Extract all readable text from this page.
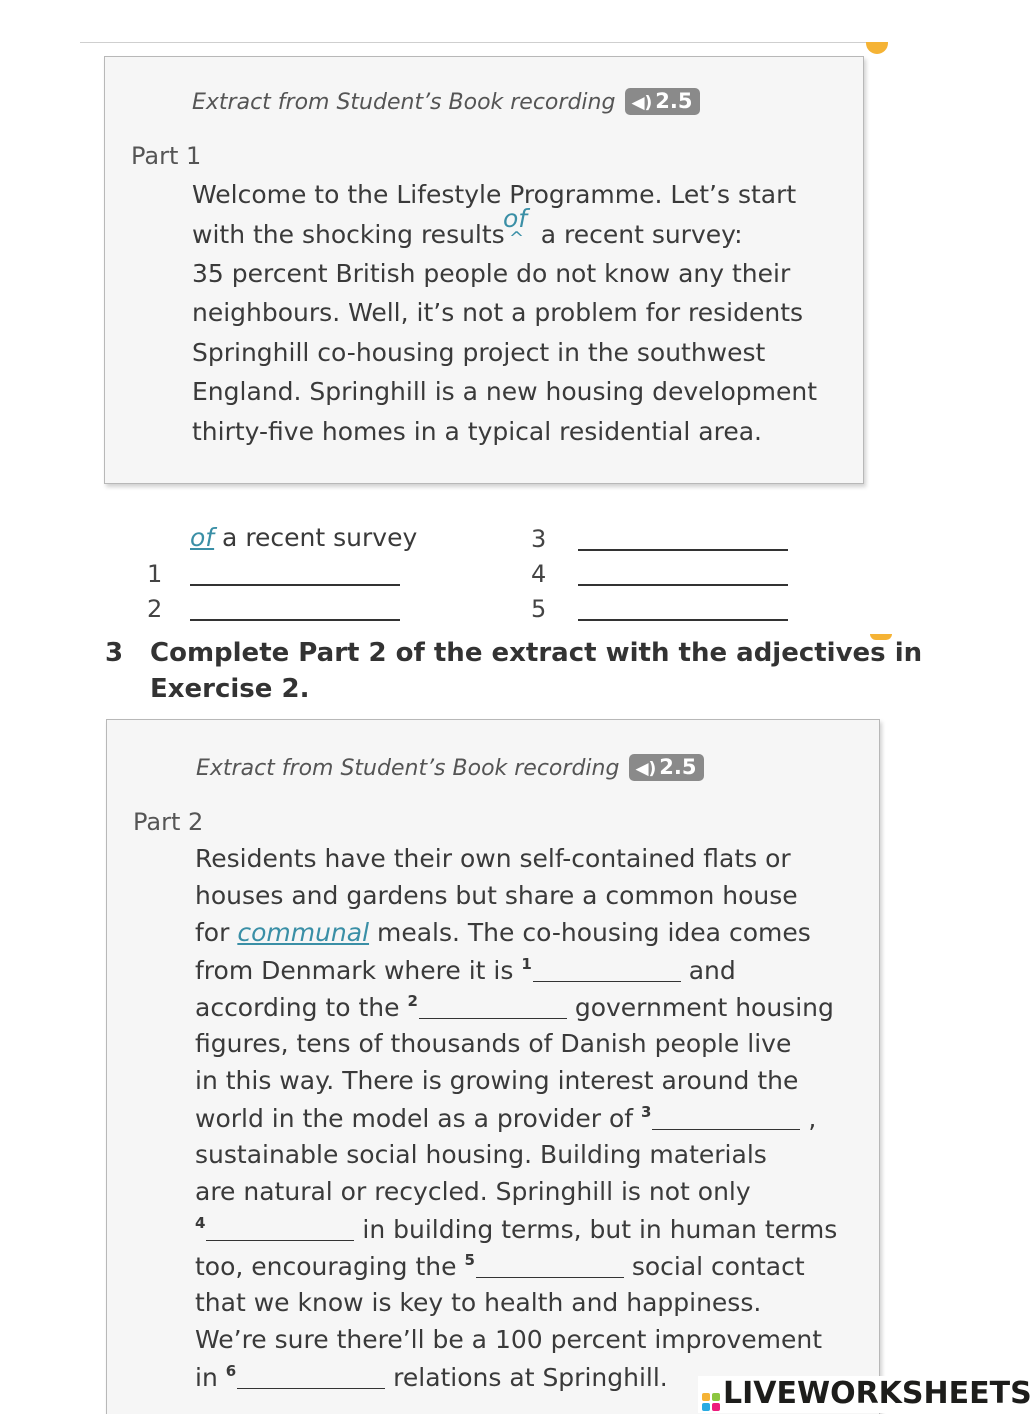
Extract from Student’s Book recording ◀) 2.5
Part 1
Welcome to the Lifestyle Programme. Let’s start
with the shocking results a recent survey:
of
^
35 percent British people do not know any their
neighbours. Well, it’s not a problem for residents
Springhill co-housing project in the southwest
England. Springhill is a new housing development
thirty-five homes in a typical residential area.
of a recent survey
1
2
3
4
5
3 Complete Part 2 of the extract with the adjectives in
Exercise 2.
Extract from Student’s Book recording ◀) 2.5
Part 2
Residents have their own self-contained flats or
houses and gardens but share a common house
for communal meals. The co-housing idea comes
from Denmark where it is $^1$	and
according to the $^2$	government housing
figures, tens of thousands of Danish people live
in this way. There is growing interest around the
world in the model as a provider of $^3$	,
sustainable social housing. Building materials
are natural or recycled. Springhill is not only
$^4$	in building terms, but in human terms
too, encouraging the $^5$	social contact
that we know is key to health and happiness.
We’re sure there’ll be a 100 percent improvement
in $^6$	relations at Springhill.	LIVEWORKSHEETS
